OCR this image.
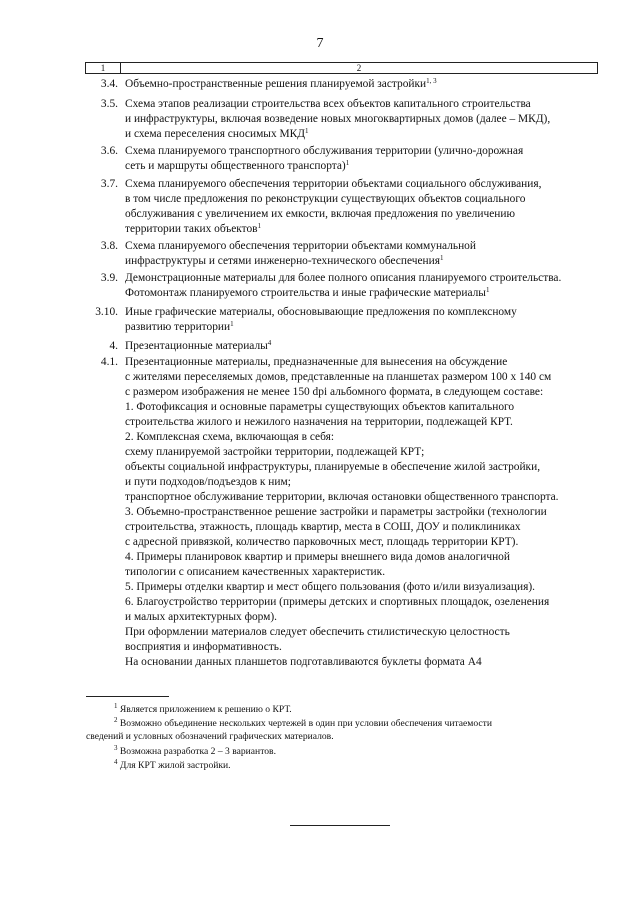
7
1	2
3.4. Объемно-пространственные решения планируемой застройки$^{1, 3}$
3.5. Схема этапов реализации строительства всех объектов капитального строительства
и инфраструктуры, включая возведение новых многоквартирных домов (далее – МКД),
и схема переселения сносимых МКД$^1$
3.6. Схема планируемого транспортного обслуживания территории (улично-дорожная
сеть и маршруты общественного транспорта)$^1$
3.7. Схема планируемого обеспечения территории объектами социального обслуживания,
в том числе предложения по реконструкции существующих объектов социального
обслуживания с увеличением их емкости, включая предложения по увеличению
территории таких объектов$^1$
3.8. Схема планируемого обеспечения территории объектами коммунальной
инфраструктуры и сетями инженерно-технического обеспечения$^1$
3.9. Демонстрационные материалы для более полного описания планируемого строительства.
Фотомонтаж планируемого строительства и иные графические материалы$^1$
3.10. Иные графические материалы, обосновывающие предложения по комплексному
развитию территории$^1$
4. Презентационные материалы$^4$
4.1. Презентационные материалы, предназначенные для вынесения на обсуждение
с жителями переселяемых домов, представленные на планшетах размером 100 х 140 см
с размером изображения не менее 150 dpi альбомного формата, в следующем составе:
1. Фотофиксация и основные параметры существующих объектов капитального
строительства жилого и нежилого назначения на территории, подлежащей КРТ.
2. Комплексная схема, включающая в себя:
схему планируемой застройки территории, подлежащей КРТ;
объекты социальной инфраструктуры, планируемые в обеспечение жилой застройки,
и пути подходов/подъездов к ним;
транспортное обслуживание территории, включая остановки общественного транспорта.
3. Объемно-пространственное решение застройки и параметры застройки (технологии
строительства, этажность, площадь квартир, места в СОШ, ДОУ и поликлиниках
с адресной привязкой, количество парковочных мест, площадь территории КРТ).
4. Примеры планировок квартир и примеры внешнего вида домов аналогичной
типологии с описанием качественных характеристик.
5. Примеры отделки квартир и мест общего пользования (фото и/или визуализация).
6. Благоустройство территории (примеры детских и спортивных площадок, озеленения
и малых архитектурных форм).
При оформлении материалов следует обеспечить стилистическую целостность
восприятия и информативность.
На основании данных планшетов подготавливаются буклеты формата А4
$^1$ Является приложением к решению о КРТ.
$^2$ Возможно объединение нескольких чертежей в один при условии обеспечения читаемости
сведений и условных обозначений графических материалов.
$^3$ Возможна разработка 2 – 3 вариантов.
$^4$ Для КРТ жилой застройки.
